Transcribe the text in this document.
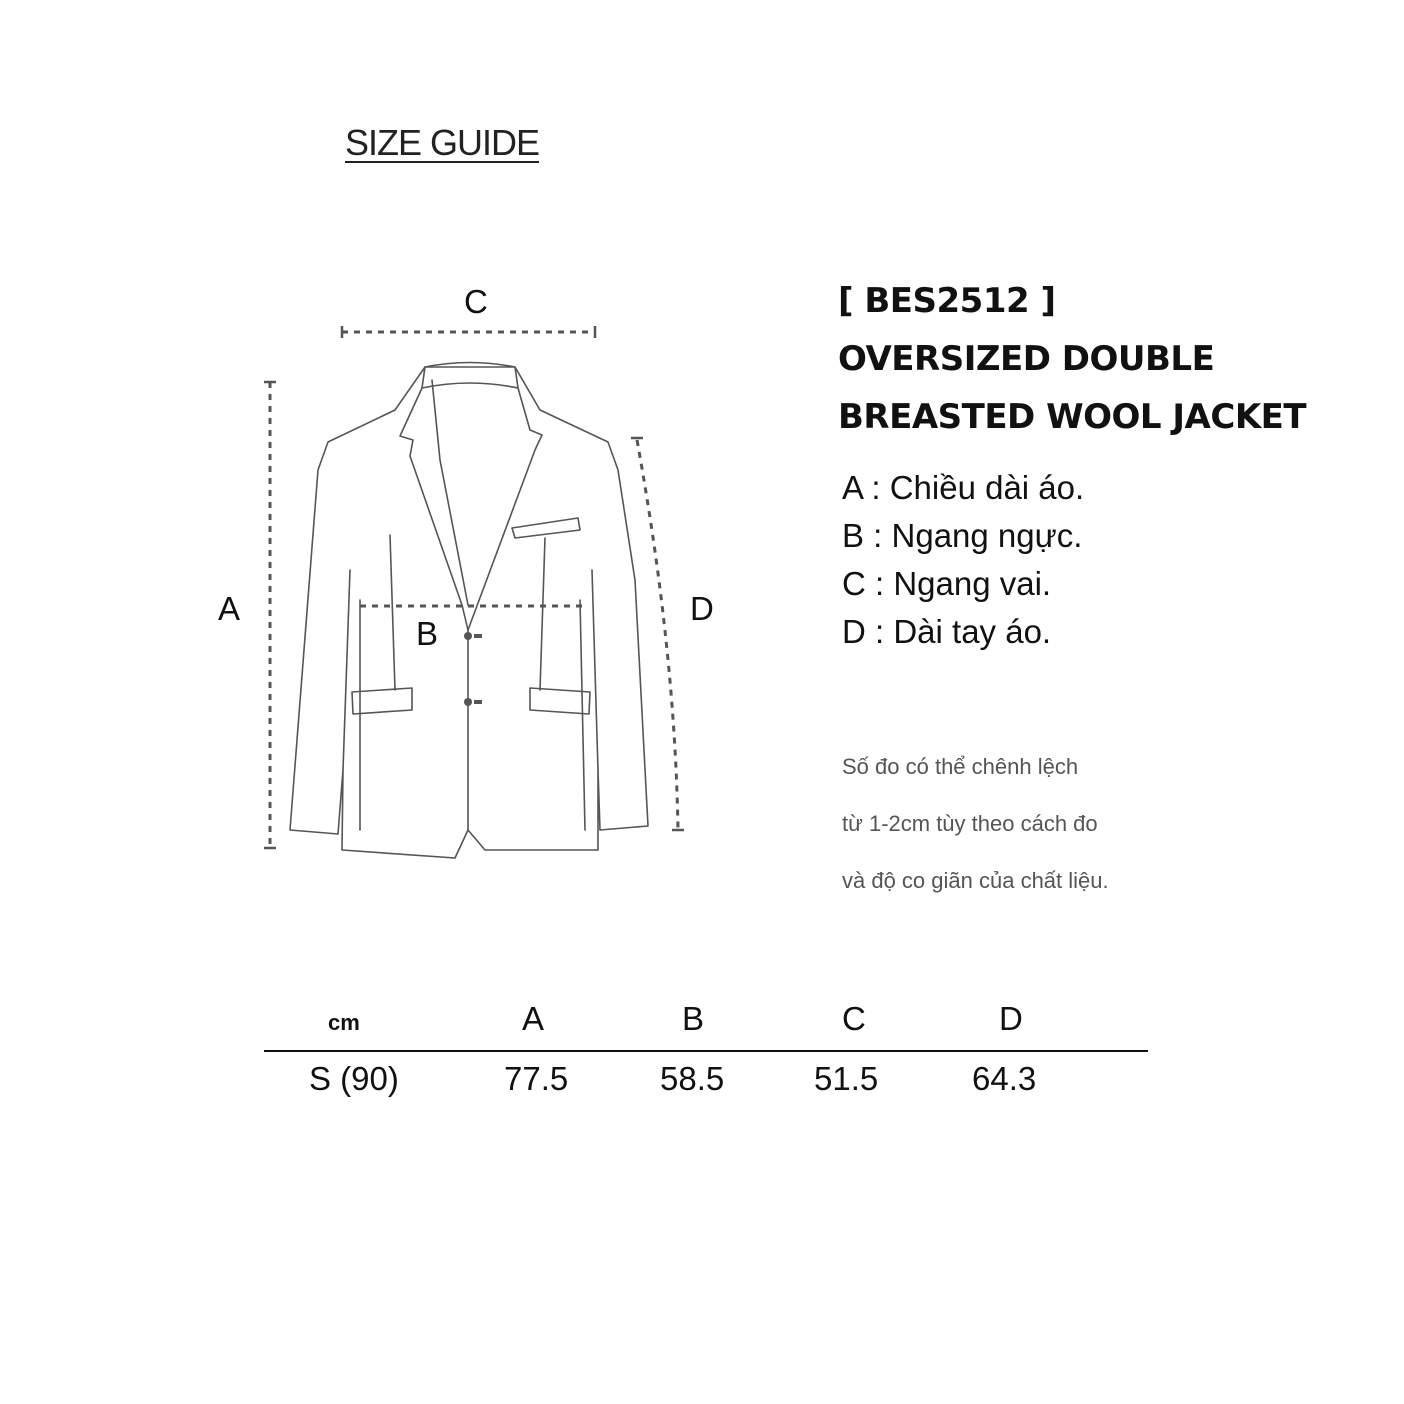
SIZE GUIDE
C
A
B
D
[ BES2512 ]
OVERSIZED DOUBLE
BREASTED WOOL JACKET
A : Chiều dài áo.
B : Ngang ngực.
C : Ngang vai.
D : Dài tay áo.
Số đo có thể chênh lệch
từ 1-2cm tùy theo cách đo
và độ co giãn của chất liệu.
cm	A	B	C	D
S (90)	77.5	58.5	51.5	64.3
